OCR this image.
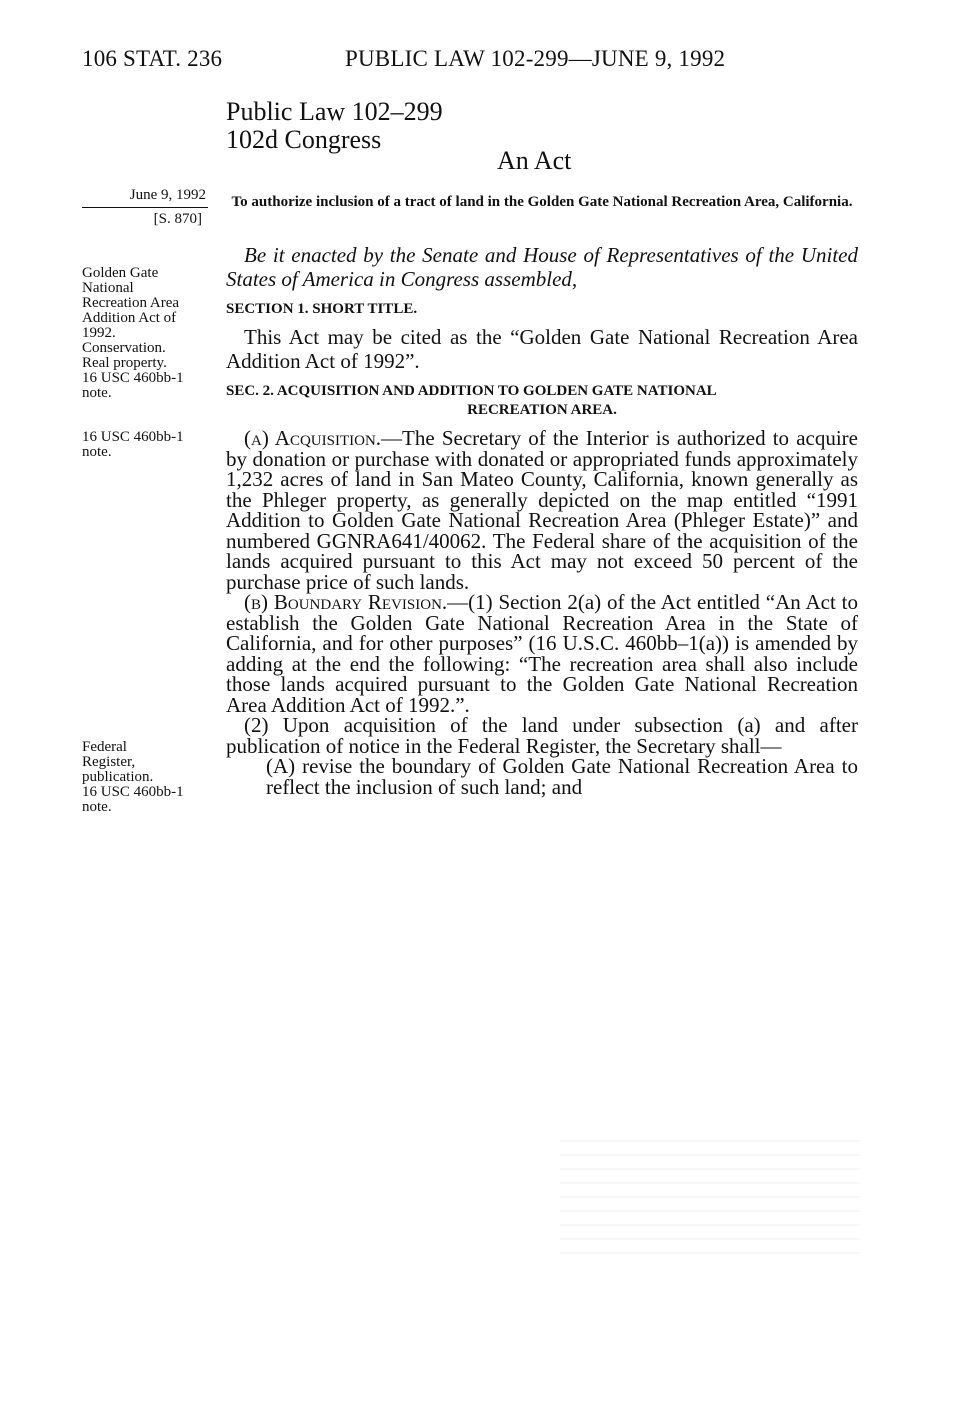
106 STAT. 236	PUBLIC LAW 102-299—JUNE 9, 1992
Public Law 102–299
102d Congress
An Act
June 9, 1992
[S. 870]
To authorize inclusion of a tract of land in the Golden Gate National Recreation Area, California.
Golden Gate
National
Recreation Area
Addition Act of
1992.
Conservation.
Real property.
16 USC 460bb-1
note.
16 USC 460bb-1
note.
Federal
Register,
publication.
16 USC 460bb-1
note.
Be it enacted by the Senate and House of Representatives of the United States of America in Congress assembled,
SECTION 1. SHORT TITLE.
This Act may be cited as the “Golden Gate National Recreation Area Addition Act of 1992”.
SEC. 2. ACQUISITION AND ADDITION TO GOLDEN GATE NATIONAL
RECREATION AREA.

(a) Acquisition.—The Secretary of the Interior is authorized to acquire by donation or purchase with donated or appropriated funds approximately 1,232 acres of land in San Mateo County, California, known generally as the Phleger property, as generally depicted on the map entitled “1991 Addition to Golden Gate National Recreation Area (Phleger Estate)” and numbered GGNRA641/40062. The Federal share of the acquisition of the lands acquired pursuant to this Act may not exceed 50 percent of the purchase price of such lands.

(b) Boundary Revision.—(1) Section 2(a) of the Act entitled “An Act to establish the Golden Gate National Recreation Area in the State of California, and for other purposes” (16 U.S.C. 460bb–1(a)) is amended by adding at the end the following: “The recreation area shall also include those lands acquired pursuant to the Golden Gate National Recreation Area Addition Act of 1992.”.

(2) Upon acquisition of the land under subsection (a) and after publication of notice in the Federal Register, the Secretary shall—

(A) revise the boundary of Golden Gate National Recreation Area to reflect the inclusion of such land; and
